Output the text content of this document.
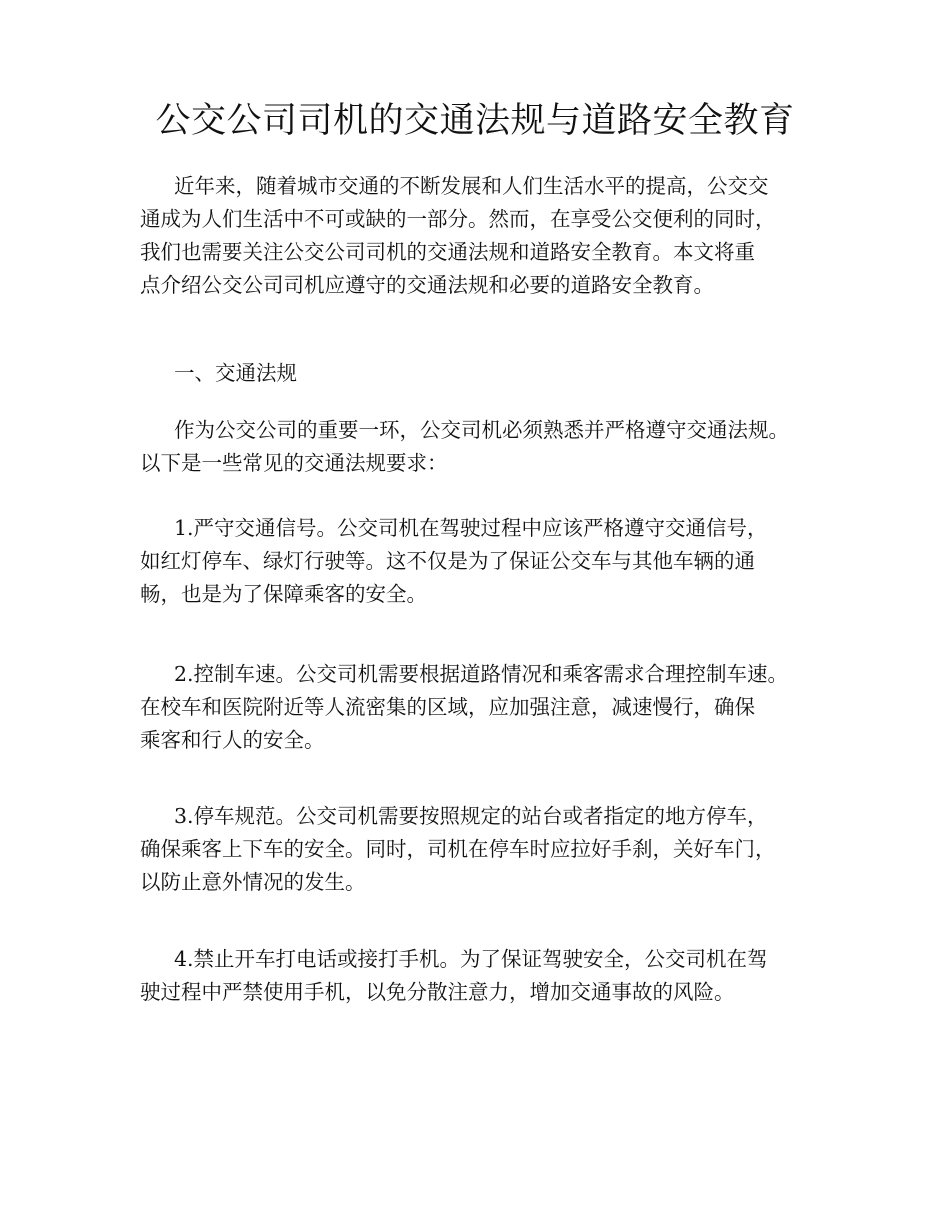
公交公司司机的交通法规与道路安全教育
近年来，随着城市交通的不断发展和人们生活水平的提高，公交交
通成为人们生活中不可或缺的一部分。然而，在享受公交便利的同时，
我们也需要关注公交公司司机的交通法规和道路安全教育。本文将重
点介绍公交公司司机应遵守的交通法规和必要的道路安全教育。
一、交通法规
作为公交公司的重要一环，公交司机必须熟悉并严格遵守交通法规。
以下是一些常见的交通法规要求：
1.严守交通信号。公交司机在驾驶过程中应该严格遵守交通信号，
如红灯停车、绿灯行驶等。这不仅是为了保证公交车与其他车辆的通
畅，也是为了保障乘客的安全。
2.控制车速。公交司机需要根据道路情况和乘客需求合理控制车速。
在校车和医院附近等人流密集的区域，应加强注意，减速慢行，确保
乘客和行人的安全。
3.停车规范。公交司机需要按照规定的站台或者指定的地方停车，
确保乘客上下车的安全。同时，司机在停车时应拉好手刹，关好车门，
以防止意外情况的发生。
4.禁止开车打电话或接打手机。为了保证驾驶安全，公交司机在驾
驶过程中严禁使用手机，以免分散注意力，增加交通事故的风险。
